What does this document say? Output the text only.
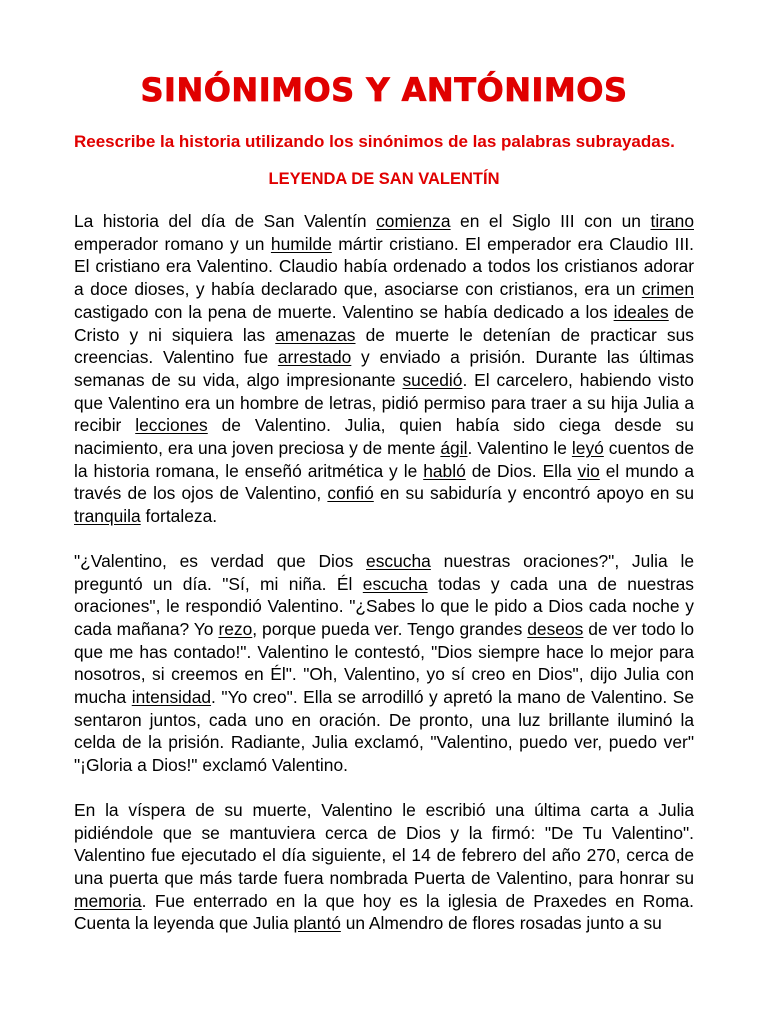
SINÓNIMOS Y ANTÓNIMOS

Reescribe la historia utilizando los sinónimos de las palabras subrayadas.

LEYENDA DE SAN VALENTÍN

La historia del día de San Valentín comienza en el Siglo III con un tirano emperador romano y un humilde mártir cristiano. El emperador era Claudio III. El cristiano era Valentino. Claudio había ordenado a todos los cristianos adorar a doce dioses, y había declarado que, asociarse con cristianos, era un crimen castigado con la pena de muerte. Valentino se había dedicado a los ideales de Cristo y ni siquiera las amenazas de muerte le detenían de practicar sus creencias. Valentino fue arrestado y enviado a prisión. Durante las últimas semanas de su vida, algo impresionante sucedió. El carcelero, habiendo visto que Valentino era un hombre de letras, pidió permiso para traer a su hija Julia a recibir lecciones de Valentino. Julia, quien había sido ciega desde su nacimiento, era una joven preciosa y de mente ágil. Valentino le leyó cuentos de la historia romana, le enseñó aritmética y le habló de Dios. Ella vio el mundo a través de los ojos de Valentino, confió en su sabiduría y encontró apoyo en su tranquila fortaleza.

"¿Valentino, es verdad que Dios escucha nuestras oraciones?", Julia le preguntó un día. "Sí, mi niña. Él escucha todas y cada una de nuestras oraciones", le respondió Valentino. "¿Sabes lo que le pido a Dios cada noche y cada mañana? Yo rezo, porque pueda ver. Tengo grandes deseos de ver todo lo que me has contado!". Valentino le contestó, "Dios siempre hace lo mejor para nosotros, si creemos en Él". "Oh, Valentino, yo sí creo en Dios", dijo Julia con mucha intensidad. "Yo creo". Ella se arrodilló y apretó la mano de Valentino. Se sentaron juntos, cada uno en oración. De pronto, una luz brillante iluminó la celda de la prisión. Radiante, Julia exclamó, "Valentino, puedo ver, puedo ver" "¡Gloria a Dios!" exclamó Valentino.

En la víspera de su muerte, Valentino le escribió una última carta a Julia pidiéndole que se mantuviera cerca de Dios y la firmó: "De Tu Valentino". Valentino fue ejecutado el día siguiente, el 14 de febrero del año 270, cerca de una puerta que más tarde fuera nombrada Puerta de Valentino, para honrar su memoria. Fue enterrado en la que hoy es la iglesia de Praxedes en Roma. Cuenta la leyenda que Julia plantó un Almendro de flores rosadas junto a su
